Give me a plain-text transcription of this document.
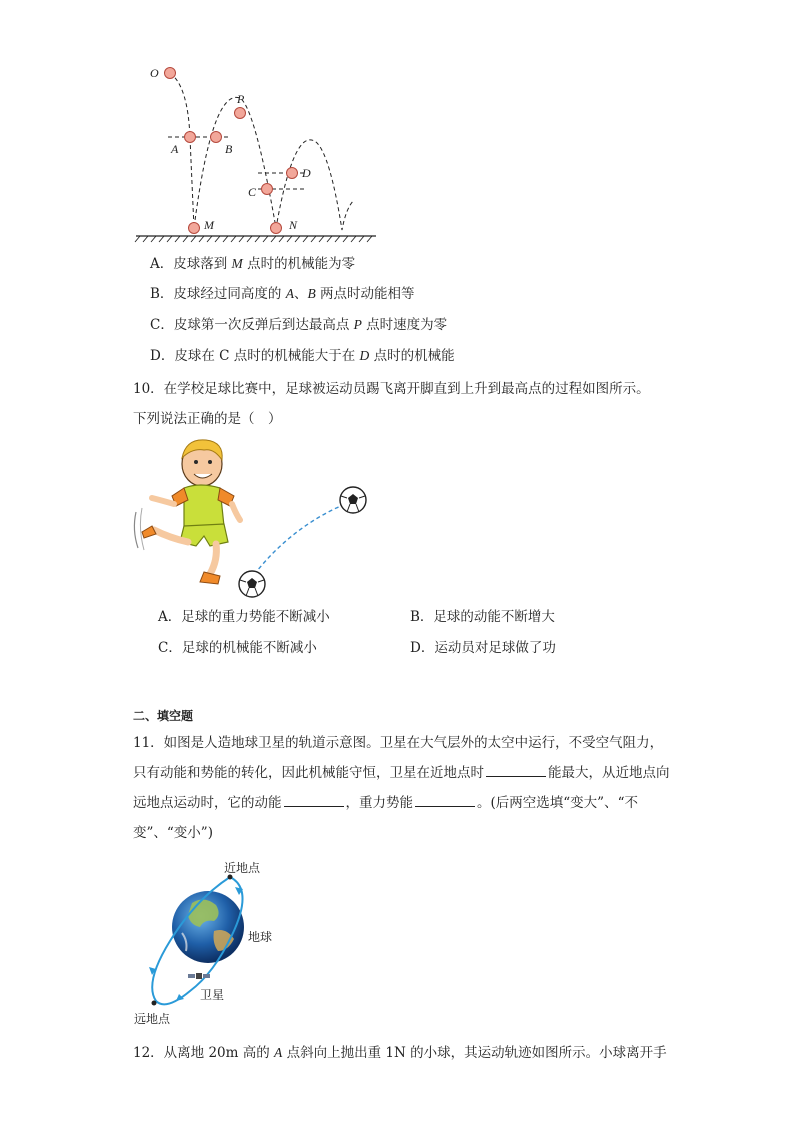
O
P
A	B
C
D
M	N
A．皮球落到 M 点时的机械能为零
B．皮球经过同高度的 A、B 两点时动能相等
C．皮球第一次反弹后到达最高点 P 点时速度为零
D．皮球在 C 点时的机械能大于在 D 点时的机械能
10．在学校足球比赛中，足球被运动员踢飞离开脚直到上升到最高点的过程如图所示。
下列说法正确的是（　）
A．足球的重力势能不断减小	B．足球的动能不断增大
C．足球的机械能不断减小	D．运动员对足球做了功
二、填空题
11．如图是人造地球卫星的轨道示意图。卫星在大气层外的太空中运行，不受空气阻力，只有动能和势能的转化，因此机械能守恒，卫星在近地点时	能最大，从近地点向远地点运动时，它的动能	，重力势能	。(后两空选填“变大”、“不变”、“变小”)
近地点
地球
卫星
远地点
12．从离地 20m 高的 A 点斜向上抛出重 1N 的小球，其运动轨迹如图所示。小球离开手
